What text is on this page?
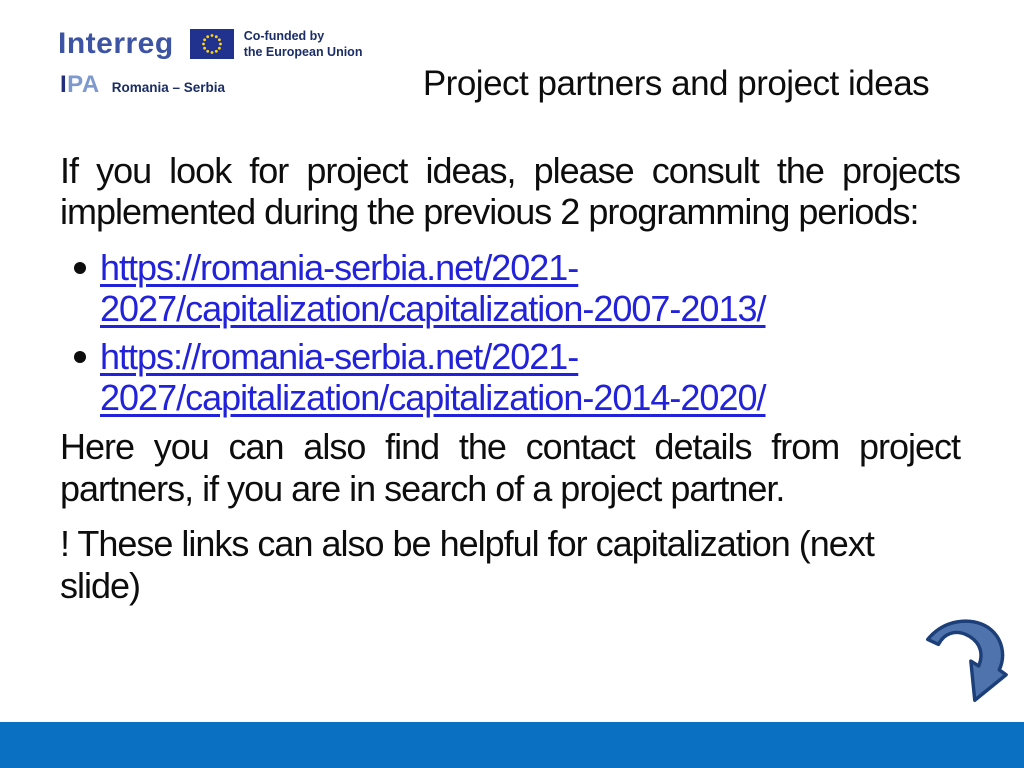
Interreg	Co-funded by
the European Union
IPA Romania – Serbia	Project partners and project ideas

If you look for project ideas, please consult the projects implemented during the previous 2 programming periods:

https://romania-serbia.net/2021-2027/capitalization/capitalization-2007-2013/
https://romania-serbia.net/2021-2027/capitalization/capitalization-2014-2020/

Here you can also find the contact details from project partners, if you are in search of a project partner.

! These links can also be helpful for capitalization (next slide)
